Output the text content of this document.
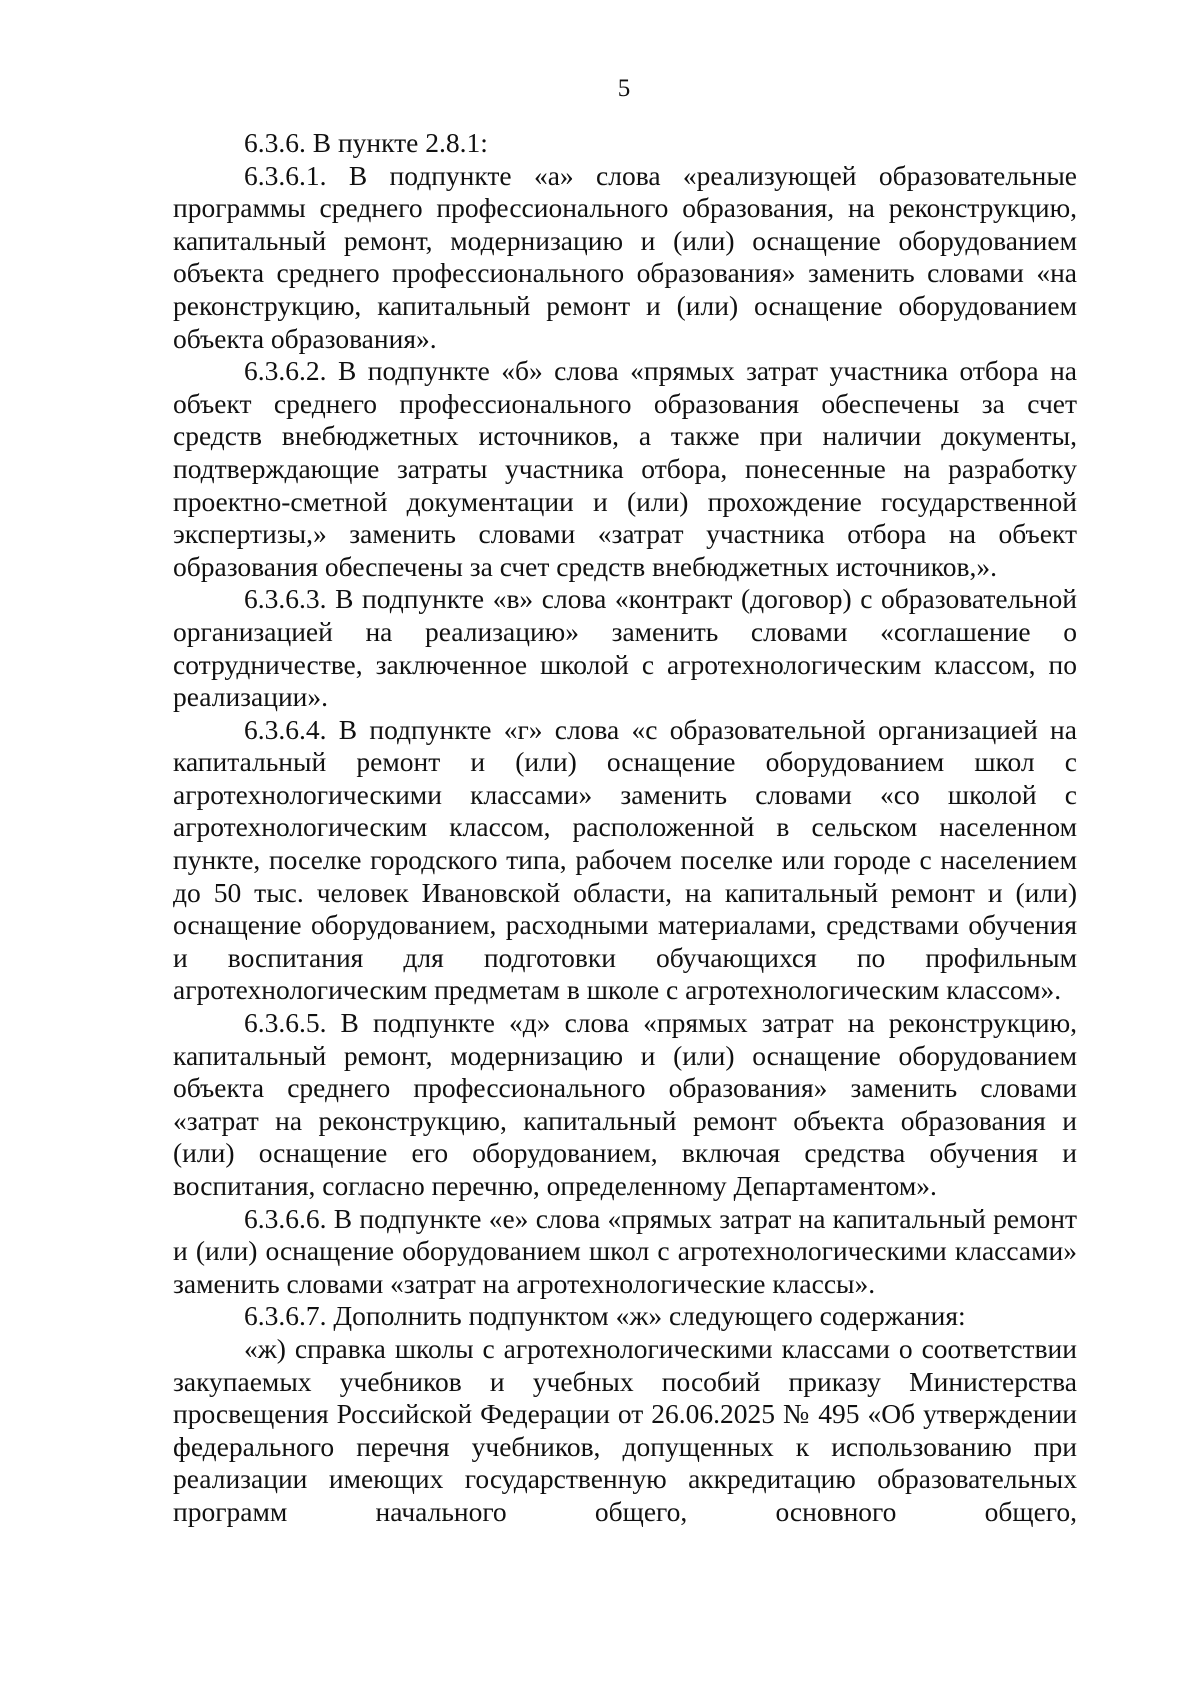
5

6.3.6. В пункте 2.8.1:

6.3.6.1. В подпункте «а» слова «реализующей образовательные программы среднего профессионального образования, на реконструкцию, капитальный ремонт, модернизацию и (или) оснащение оборудованием объекта среднего профессионального образования» заменить словами «на реконструкцию, капитальный ремонт и (или) оснащение оборудованием объекта образования».

6.3.6.2. В подпункте «б» слова «прямых затрат участника отбора на объект среднего профессионального образования обеспечены за счет средств внебюджетных источников, а также при наличии документы, подтверждающие затраты участника отбора, понесенные на разработку проектно-сметной документации и (или) прохождение государственной экспертизы,» заменить словами «затрат участника отбора на объект образования обеспечены за счет средств внебюджетных источников,».

6.3.6.3. В подпункте «в» слова «контракт (договор) с образовательной организацией на реализацию» заменить словами «соглашение о сотрудничестве, заключенное школой с агротехнологическим классом, по реализации».

6.3.6.4. В подпункте «г» слова «с образовательной организацией на капитальный ремонт и (или) оснащение оборудованием школ с агротехнологическими классами» заменить словами «со школой с агротехнологическим классом, расположенной в сельском населенном пункте, поселке городского типа, рабочем поселке или городе с населением до 50 тыс. человек Ивановской области, на капитальный ремонт и (или) оснащение оборудованием, расходными материалами, средствами обучения и воспитания для подготовки обучающихся по профильным агротехнологическим предметам в школе с агротехнологическим классом».

6.3.6.5. В подпункте «д» слова «прямых затрат на реконструкцию, капитальный ремонт, модернизацию и (или) оснащение оборудованием объекта среднего профессионального образования» заменить словами «затрат на реконструкцию, капитальный ремонт объекта образования и (или) оснащение его оборудованием, включая средства обучения и воспитания, согласно перечню, определенному Департаментом».

6.3.6.6. В подпункте «е» слова «прямых затрат на капитальный ремонт и (или) оснащение оборудованием школ с агротехнологическими классами» заменить словами «затрат на агротехнологические классы».

6.3.6.7. Дополнить подпунктом «ж» следующего содержания:

«ж) справка школы с агротехнологическими классами о соответствии закупаемых учебников и учебных пособий приказу Министерства просвещения Российской Федерации от 26.06.2025 № 495 «Об утверждении федерального перечня учебников, допущенных к использованию при реализации имеющих государственную аккредитацию образовательных программ начального общего, основного общего,
